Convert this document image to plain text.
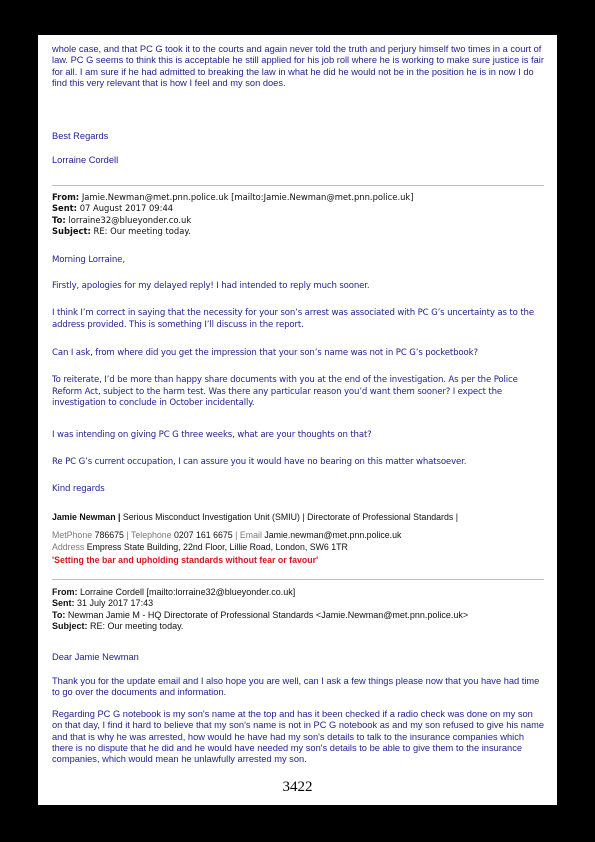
whole case, and that PC G took it to the courts and again never told the truth and perjury himself two times in a court of law. PC G seems to think this is acceptable he still applied for his job roll where he is working to make sure justice is fair for all. I am sure if he had admitted to breaking the law in what he did he would not be in the position he is in now I do find this very relevant that is how I feel and my son does.
Best Regards
Lorraine Cordell
From: Jamie.Newman@met.pnn.police.uk [mailto:Jamie.Newman@met.pnn.police.uk]
Sent: 07 August 2017 09:44
To: lorraine32@blueyonder.co.uk
Subject: RE: Our meeting today.
Morning Lorraine,
Firstly, apologies for my delayed reply! I had intended to reply much sooner.
I think I’m correct in saying that the necessity for your son’s arrest was associated with PC G’s uncertainty as to the address provided. This is something I’ll discuss in the report.
Can I ask, from where did you get the impression that your son’s name was not in PC G’s pocketbook?
To reiterate, I’d be more than happy share documents with you at the end of the investigation. As per the Police Reform Act, subject to the harm test. Was there any particular reason you’d want them sooner? I expect the investigation to conclude in October incidentally.
I was intending on giving PC G three weeks, what are your thoughts on that?
Re PC G’s current occupation, I can assure you it would have no bearing on this matter whatsoever.
Kind regards
Jamie Newman | Serious Misconduct Investigation Unit (SMIU) | Directorate of Professional Standards |
MetPhone 786675 | Telephone 0207 161 6675 | Email Jamie.newman@met.pnn.police.uk
Address Empress State Building, 22nd Floor, Lillie Road, London, SW6 1TR
'Setting the bar and upholding standards without fear or favour'
From: Lorraine Cordell [mailto:lorraine32@blueyonder.co.uk]
Sent: 31 July 2017 17:43
To: Newman Jamie M - HQ Directorate of Professional Standards <Jamie.Newman@met.pnn.police.uk>
Subject: RE: Our meeting today.
Dear Jamie Newman
Thank you for the update email and I also hope you are well, can I ask a few things please now that you have had time to go over the documents and information.
Regarding PC G notebook is my son's name at the top and has it been checked if a radio check was done on my son on that day, I find it hard to believe that my son's name is not in PC G notebook as and my son refused to give his name and that is why he was arrested, how would he have had my son's details to talk to the insurance companies which there is no dispute that he did and he would have needed my son's details to be able to give them to the insurance companies, which would mean he unlawfully arrested my son.
3422
